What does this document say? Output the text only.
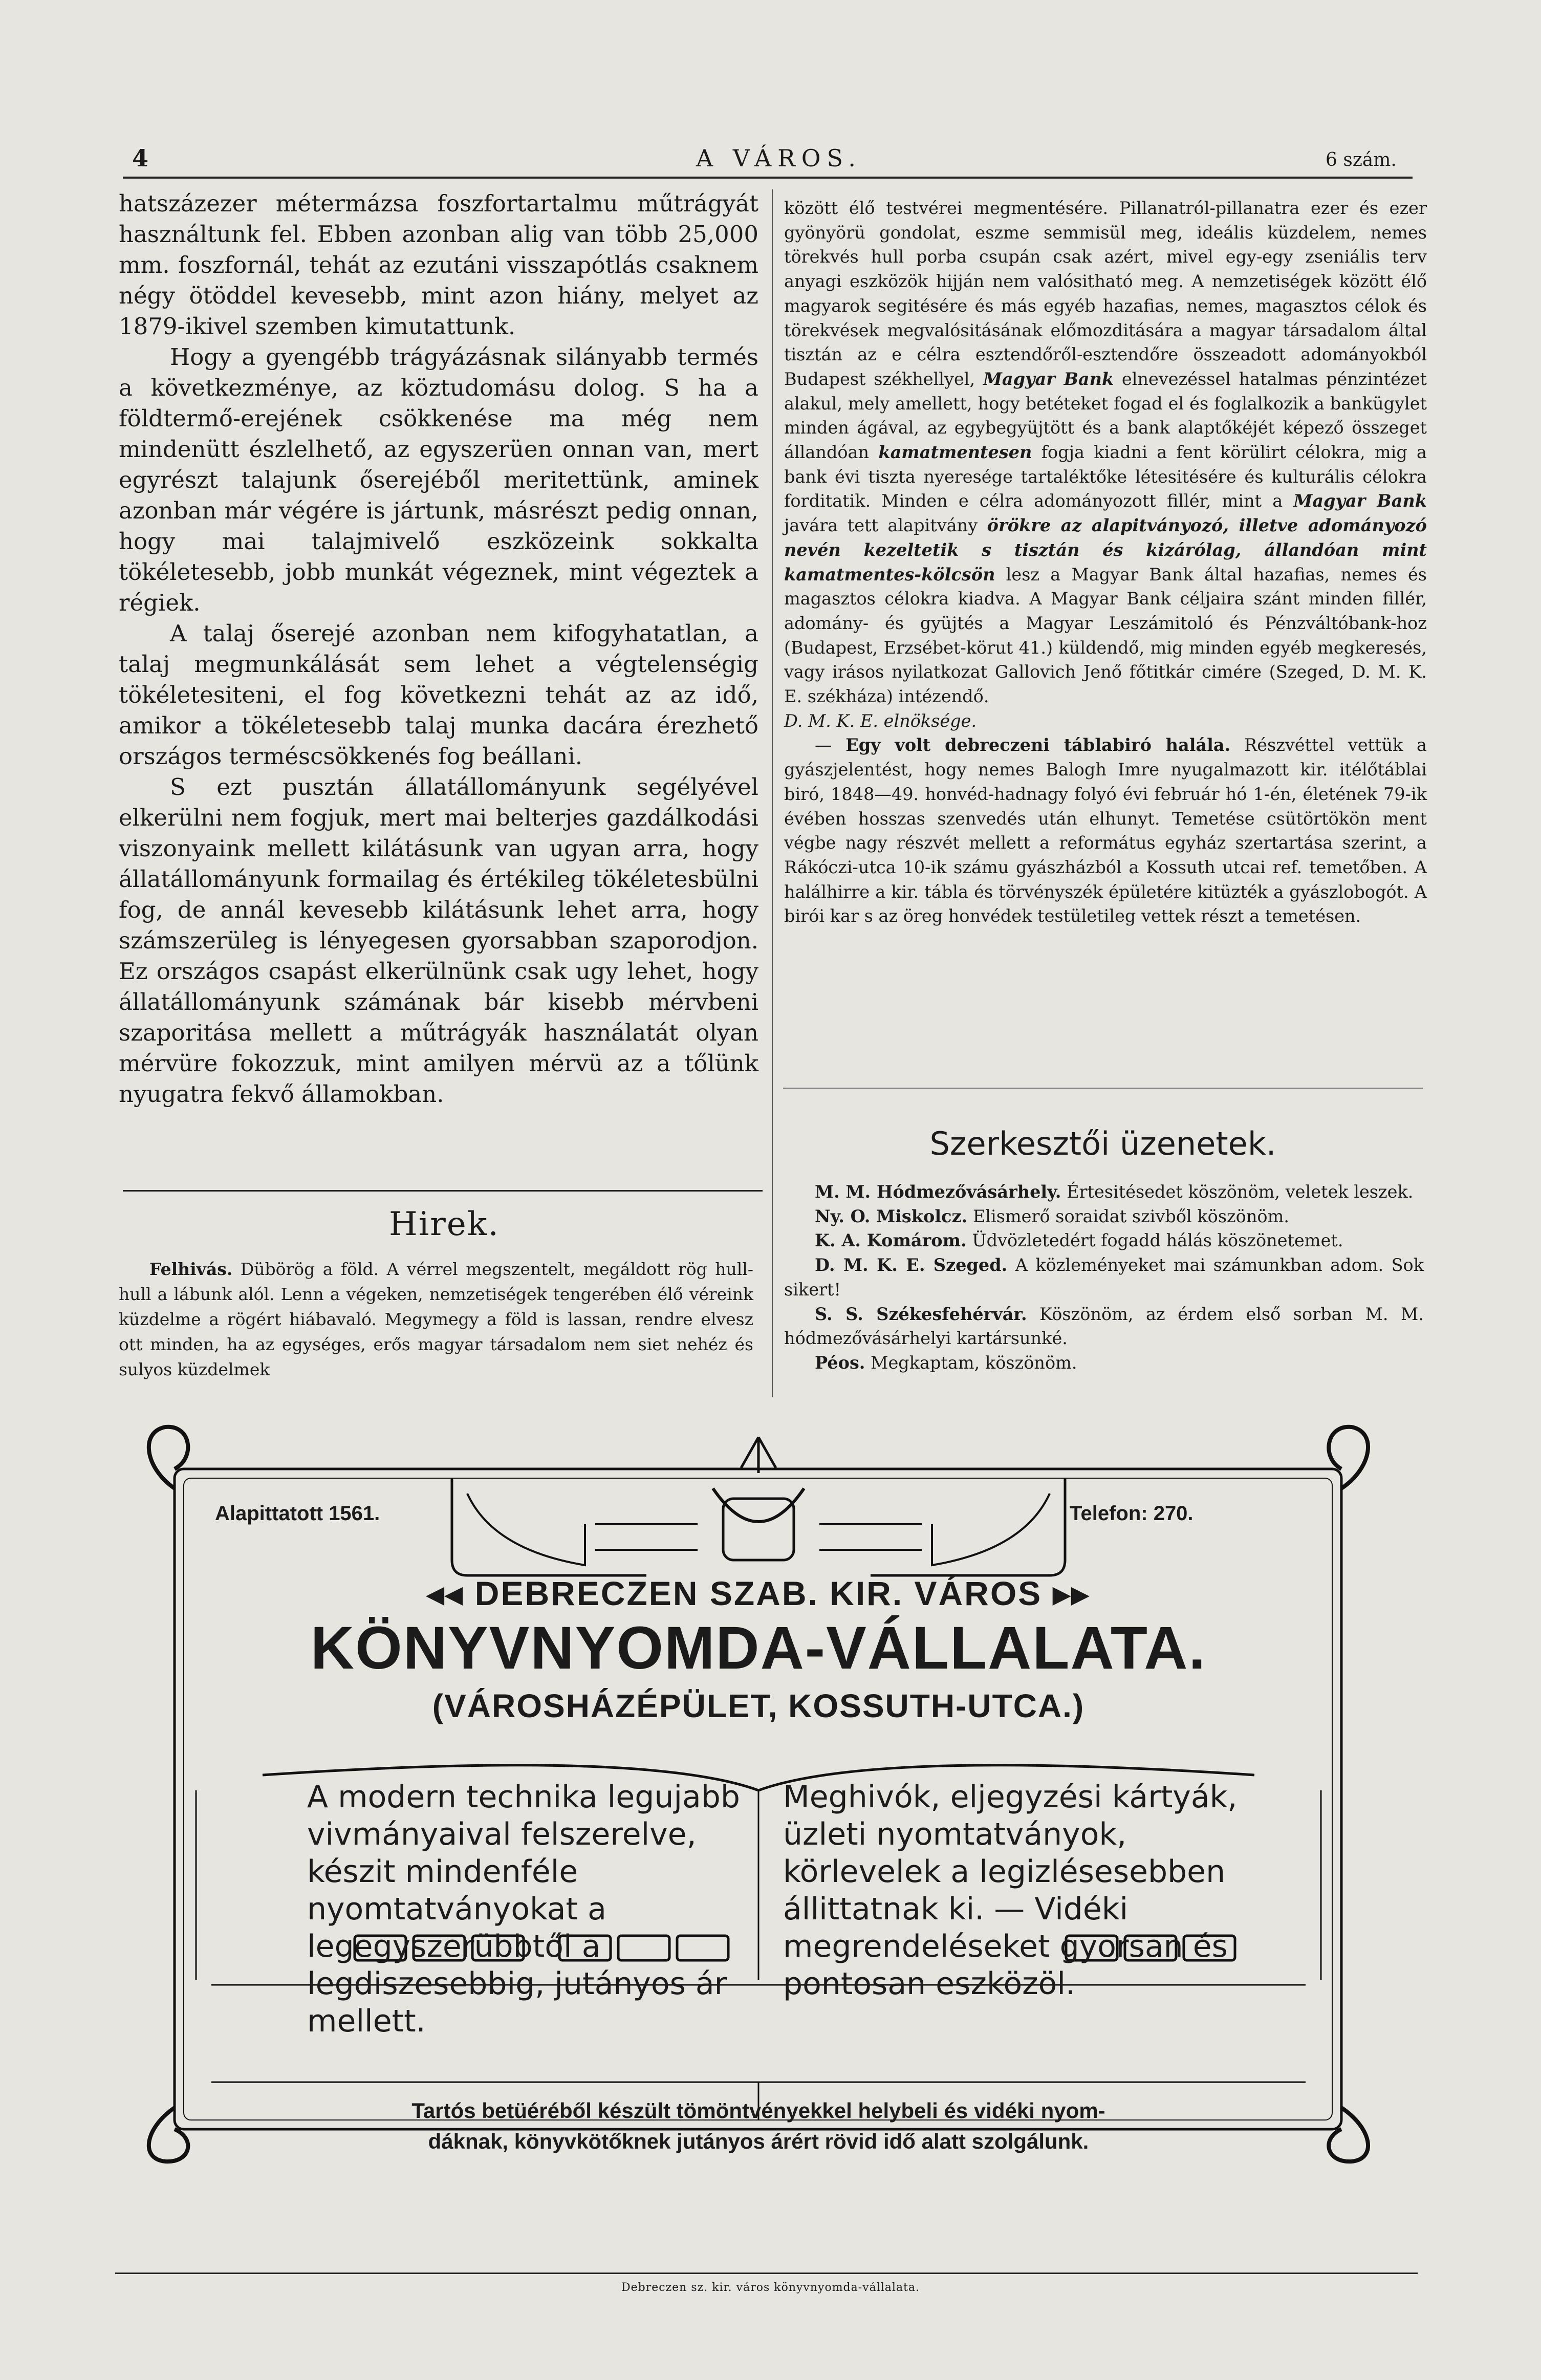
4	A VÁROS.	6 szám.

hatszázezer métermázsa foszfortartalmu műtrágyát használtunk fel. Ebben azonban alig van több 25,000 mm. foszfornál, tehát az ezutáni visszapótlás csaknem négy ötöddel kevesebb, mint azon hiány, melyet az 1879-ikivel szemben kimutattunk.

Hogy a gyengébb trágyázásnak silányabb termés a következménye, az köztudomásu dolog. S ha a földtermő-erejének csökkenése ma még nem mindenütt észlelhető, az egyszerüen onnan van, mert egyrészt talajunk őserejéből meritettünk, aminek azonban már végére is jártunk, másrészt pedig onnan, hogy mai talajmivelő eszközeink sokkalta tökéletesebb, jobb munkát végeznek, mint végeztek a régiek.

A talaj őserejé azonban nem kifogyhatatlan, a talaj megmunkálását sem lehet a végtelenségig tökéletesiteni, el fog következni tehát az az idő, amikor a tökéletesebb talaj munka dacára érezhető országos terméscsökkenés fog beállani.

S ezt pusztán állatállományunk segélyével elkerülni nem fogjuk, mert mai belterjes gazdálkodási viszonyaink mellett kilátásunk van ugyan arra, hogy állatállományunk formailag és értékileg tökéletesbülni fog, de annál kevesebb kilátásunk lehet arra, hogy számszerüleg is lényegesen gyorsabban szaporodjon. Ez országos csapást elkerülnünk csak ugy lehet, hogy állatállományunk számának bár kisebb mérvbeni szaporitása mellett a műtrágyák használatát olyan mérvüre fokozzuk, mint amilyen mérvü az a tőlünk nyugatra fekvő államokban.

Hirek.

Felhivás. Dübörög a föld. A vérrel megszentelt, megáldott rög hull-hull a lábunk alól. Lenn a végeken, nemzetiségek tengerében élő véreink küzdelme a rögért hiábavaló. Megymegy a föld is lassan, rendre elvesz ott minden, ha az egységes, erős magyar társadalom nem siet nehéz és sulyos küzdelmek

között élő testvérei megmentésére. Pillanatról-pillanatra ezer és ezer gyönyörü gondolat, eszme semmisül meg, ideális küzdelem, nemes törekvés hull porba csupán csak azért, mivel egy-egy zseniális terv anyagi eszközök hijján nem valósitható meg. A nemzetiségek között élő magyarok segitésére és más egyéb hazafias, nemes, magasztos célok és törekvések megvalósitásának előmozditására a magyar társadalom által tisztán az e célra esztendőről-esztendőre összeadott adományokból Budapest székhellyel, Magyar Bank elnevezéssel hatalmas pénzintézet alakul, mely amellett, hogy betéteket fogad el és foglalkozik a bankügylet minden ágával, az egybegyüjtött és a bank alaptőkéjét képező összeget állandóan kamatmentesen fogja kiadni a fent körülirt célokra, mig a bank évi tiszta nyeresége tartaléktőke létesitésére és kulturális célokra forditatik. Minden e célra adományozott fillér, mint a Magyar Bank javára tett alapitvány örökre az alapitványozó, illetve adományozó nevén kezeltetik s tisztán és kizárólag, állandóan mint kamatmentes-kölcsön lesz a Magyar Bank által hazafias, nemes és magasztos célokra kiadva. A Magyar Bank céljaira szánt minden fillér, adomány- és gyüjtés a Magyar Leszámitoló és Pénzváltóbank-hoz (Budapest, Erzsébet-körut 41.) küldendő, mig minden egyéb megkeresés, vagy irásos nyilatkozat Gallovich Jenő főtitkár cimére (Szeged, D. M. K. E. székháza) intézendő.

D. M. K. E. elnöksége.

— Egy volt debreczeni táblabiró halála. Részvéttel vettük a gyászjelentést, hogy nemes Balogh Imre nyugalmazott kir. itélőtáblai biró, 1848—49. honvéd-hadnagy folyó évi február hó 1-én, életének 79-ik évében hosszas szenvedés után elhunyt. Temetése csütörtökön ment végbe nagy részvét mellett a református egyház szertartása szerint, a Rákóczi-utca 10-ik számu gyászházból a Kossuth utcai ref. temetőben. A halálhirre a kir. tábla és törvényszék épületére kitüzték a gyászlobogót. A birói kar s az öreg honvédek testületileg vettek részt a temetésen.

Szerkesztői üzenetek.

M. M. Hódmezővásárhely. Értesitésedet köszönöm, veletek leszek.

Ny. O. Miskolcz. Elismerő soraidat szivből köszönöm.

K. A. Komárom. Üdvözletedért fogadd hálás köszönetemet.

D. M. K. E. Szeged. A közleményeket mai számunkban adom. Sok sikert!

S. S. Székesfehérvár. Köszönöm, az érdem első sorban M. M. hódmezővásárhelyi kartársunké.

Péos. Megkaptam, köszönöm.

Alapittatott 1561.	Telefon: 270.
◂◂ DEBRECZEN SZAB. KIR. VÁROS ▸▸
KÖNYVNYOMDA-VÁLLALATA.
(VÁROSHÁZÉPÜLET, KOSSUTH-UTCA.)
A modern technika legujabb vivmányaival felszerelve, készit mindenféle nyomtatványokat a legegyszerübbtől a legdiszesebbig, jutányos ár mellett.
Meghivók, eljegyzési kártyák, üzleti nyomtatványok, körlevelek a legizlésesebben állittatnak ki. — Vidéki megrendeléseket gyorsan és pontosan eszközöl.
Tartós betüéréből készült tömöntvényekkel helybeli és vidéki nyom-
dáknak, könyvkötőknek jutányos árért rövid idő alatt szolgálunk.
Debreczen sz. kir. város könyvnyomda-vállalata.
